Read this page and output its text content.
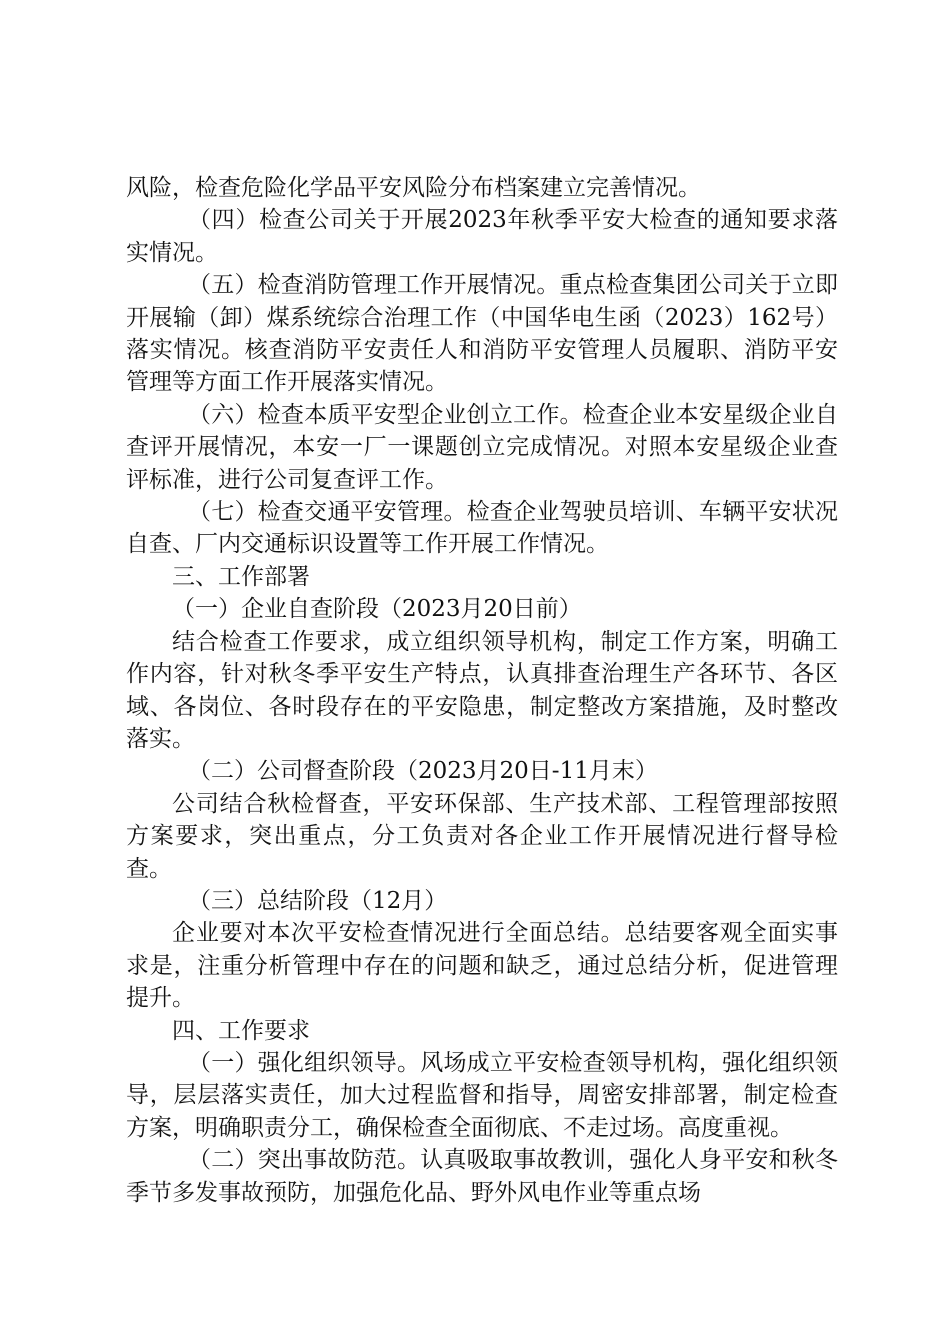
风险，检查危险化学品平安风险分布档案建立完善情况。

（四）检查公司关于开展2023年秋季平安大检查的通知要求落实情况。

（五）检查消防管理工作开展情况。重点检查集团公司关于立即开展输（卸）煤系统综合治理工作（中国华电生函（2023）162号）落实情况。核查消防平安责任人和消防平安管理人员履职、消防平安管理等方面工作开展落实情况。

（六）检查本质平安型企业创立工作。检查企业本安星级企业自查评开展情况，本安一厂一课题创立完成情况。对照本安星级企业查评标准，进行公司复查评工作。

（七）检查交通平安管理。检查企业驾驶员培训、车辆平安状况自查、厂内交通标识设置等工作开展工作情况。

三、工作部署

（一）企业自查阶段（2023月20日前）

结合检查工作要求，成立组织领导机构，制定工作方案，明确工作内容，针对秋冬季平安生产特点，认真排查治理生产各环节、各区域、各岗位、各时段存在的平安隐患，制定整改方案措施，及时整改落实。

（二）公司督查阶段（2023月20日-11月末）

公司结合秋检督查，平安环保部、生产技术部、工程管理部按照方案要求，突出重点，分工负责对各企业工作开展情况进行督导检查。

（三）总结阶段（12月）

企业要对本次平安检查情况进行全面总结。总结要客观全面实事求是，注重分析管理中存在的问题和缺乏，通过总结分析，促进管理提升。

四、工作要求

（一）强化组织领导。风场成立平安检查领导机构，强化组织领导，层层落实责任，加大过程监督和指导，周密安排部署，制定检查方案，明确职责分工，确保检查全面彻底、不走过场。高度重视。

（二）突出事故防范。认真吸取事故教训，强化人身平安和秋冬季节多发事故预防，加强危化品、野外风电作业等重点场
